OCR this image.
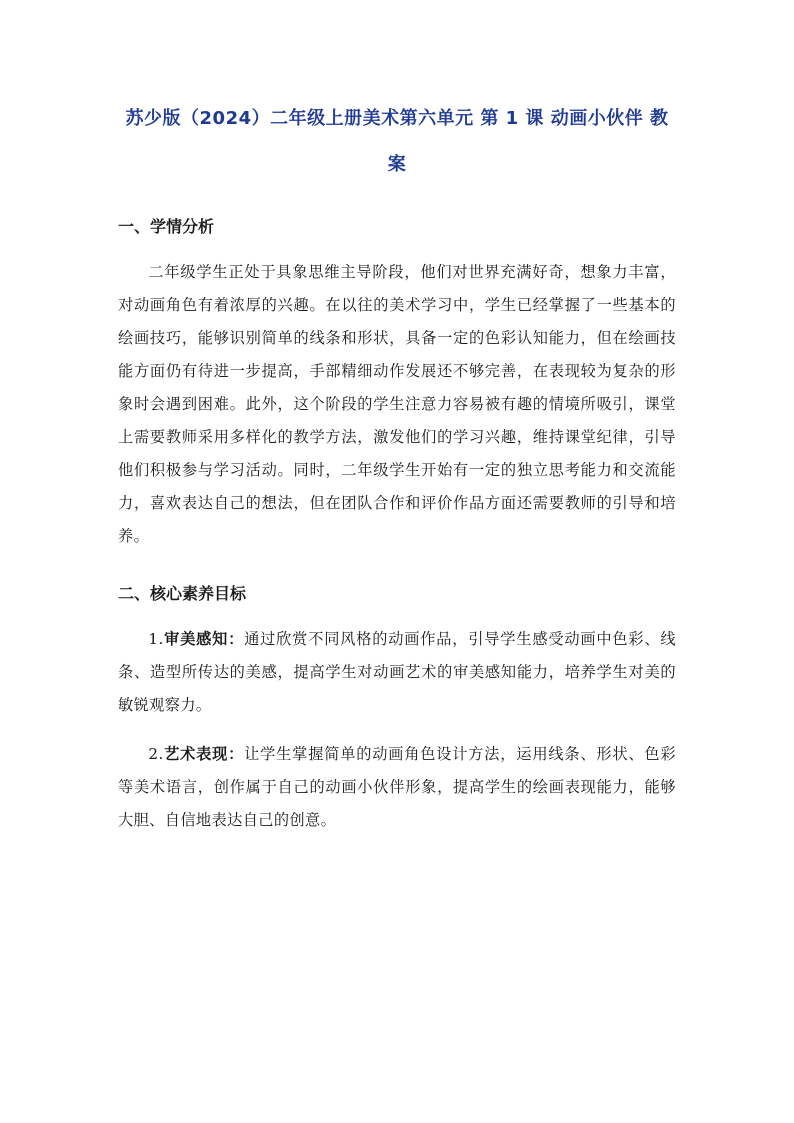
苏少版（2024）二年级上册美术第六单元 第 1 课 动画小伙伴 教
案
一、学情分析

二年级学生正处于具象思维主导阶段，他们对世界充满好奇，想象力丰富，对动画角色有着浓厚的兴趣。在以往的美术学习中，学生已经掌握了一些基本的绘画技巧，能够识别简单的线条和形状，具备一定的色彩认知能力，但在绘画技能方面仍有待进一步提高，手部精细动作发展还不够完善，在表现较为复杂的形象时会遇到困难。此外，这个阶段的学生注意力容易被有趣的情境所吸引，课堂上需要教师采用多样化的教学方法，激发他们的学习兴趣，维持课堂纪律，引导他们积极参与学习活动。同时，二年级学生开始有一定的独立思考能力和交流能力，喜欢表达自己的想法，但在团队合作和评价作品方面还需要教师的引导和培养。

二、核心素养目标

1.审美感知：通过欣赏不同风格的动画作品，引导学生感受动画中色彩、线条、造型所传达的美感，提高学生对动画艺术的审美感知能力，培养学生对美的敏锐观察力。

2.艺术表现：让学生掌握简单的动画角色设计方法，运用线条、形状、色彩等美术语言，创作属于自己的动画小伙伴形象，提高学生的绘画表现能力，能够大胆、自信地表达自己的创意。
